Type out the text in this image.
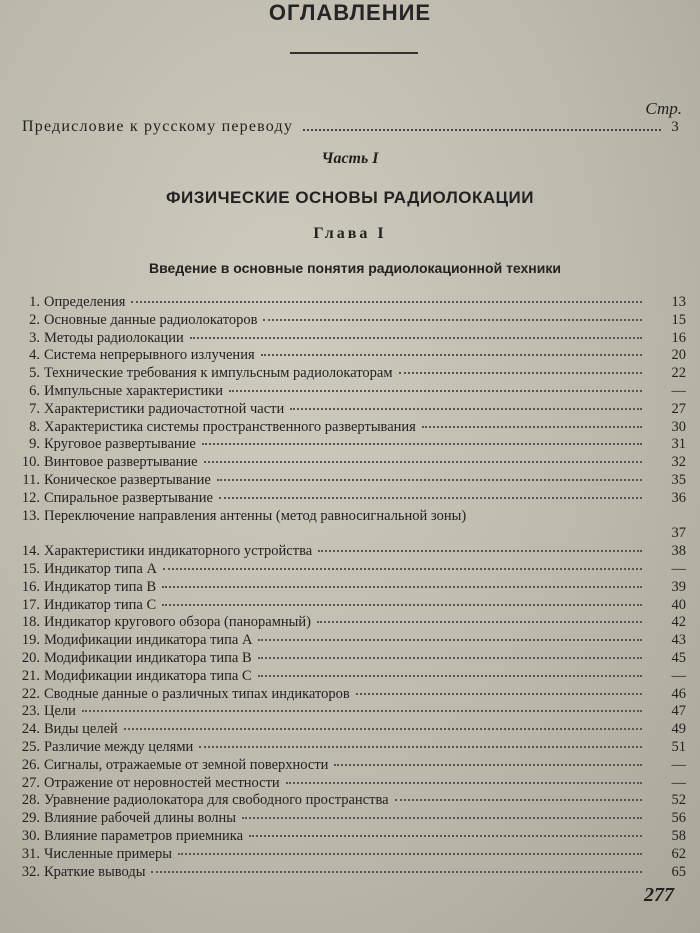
ОГЛАВЛЕНИЕ
Стр.
Предисловие к русскому переводу	3
Часть I
ФИЗИЧЕСКИЕ ОСНОВЫ РАДИОЛОКАЦИИ
Глава I
Введение в основные понятия радиолокационной техники
1. Определения	13
2. Основные данные радиолокаторов	15
3. Методы радиолокации	16
4. Система непрерывного излучения	20
5. Технические требования к импульсным радиолокаторам	22
6. Импульсные характеристики	—
7. Характеристики радиочастотной части	27
8. Характеристика системы пространственного развертывания	30
9. Круговое развертывание	31
10. Винтовое развертывание	32
11. Коническое развертывание	35
12. Спиральное развертывание	36
13. Переключение направления антенны (метод равносигнальной зоны)
37
14. Характеристики индикаторного устройства	38
15. Индикатор типа A	—
16. Индикатор типа B	39
17. Индикатор типа C	40
18. Индикатор кругового обзора (панорамный)	42
19. Модификации индикатора типа A	43
20. Модификации индикатора типа B	45
21. Модификации индикатора типа C	—
22. Сводные данные о различных типах индикаторов	46
23. Цели	47
24. Виды целей	49
25. Различие между целями	51
26. Сигналы, отражаемые от земной поверхности	—
27. Отражение от неровностей местности	—
28. Уравнение радиолокатора для свободного пространства	52
29. Влияние рабочей длины волны	56
30. Влияние параметров приемника	58
31. Численные примеры	62
32. Краткие выводы	65
277
